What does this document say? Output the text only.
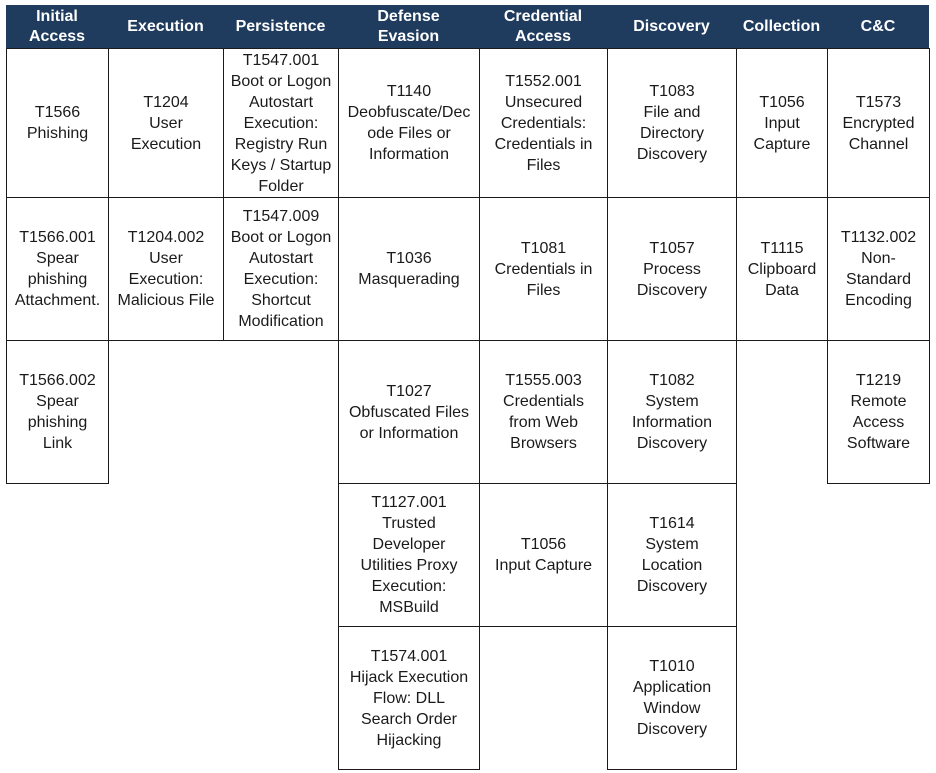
Initial
Access
Execution Persistence
Defense
Evasion
Credential
Access
Discovery Collection	C&C
T1566
Phishing
T1566.001
Spear
phishing
Attachment.
T1566.002
Spear
phishing
Link
T1204
User
Execution
T1204.002
User
Execution:
Malicious File
T1547.001
Boot or Logon
Autostart
Execution:
Registry Run
Keys / Startup
Folder
T1547.009
Boot or Logon
Autostart
Execution:
Shortcut
Modification
T1140
Deobfuscate/Dec
ode Files or
Information
T1036
Masquerading
T1027
Obfuscated Files
or Information
T1127.001
Trusted
Developer
Utilities Proxy
Execution:
MSBuild
T1574.001
Hijack Execution
Flow: DLL
Search Order
Hijacking
T1552.001
Unsecured
Credentials:
Credentials in
Files
T1081
Credentials in
Files
T1555.003
Credentials
from Web
Browsers
T1056
Input Capture
T1083
File and
Directory
Discovery
T1057
Process
Discovery
T1082
System
Information
Discovery
T1614
System
Location
Discovery
T1010
Application
Window
Discovery
T1056
Input
Capture
T1115
Clipboard
Data
T1573
Encrypted
Channel
T1132.002
Non-
Standard
Encoding
T1219
Remote
Access
Software
